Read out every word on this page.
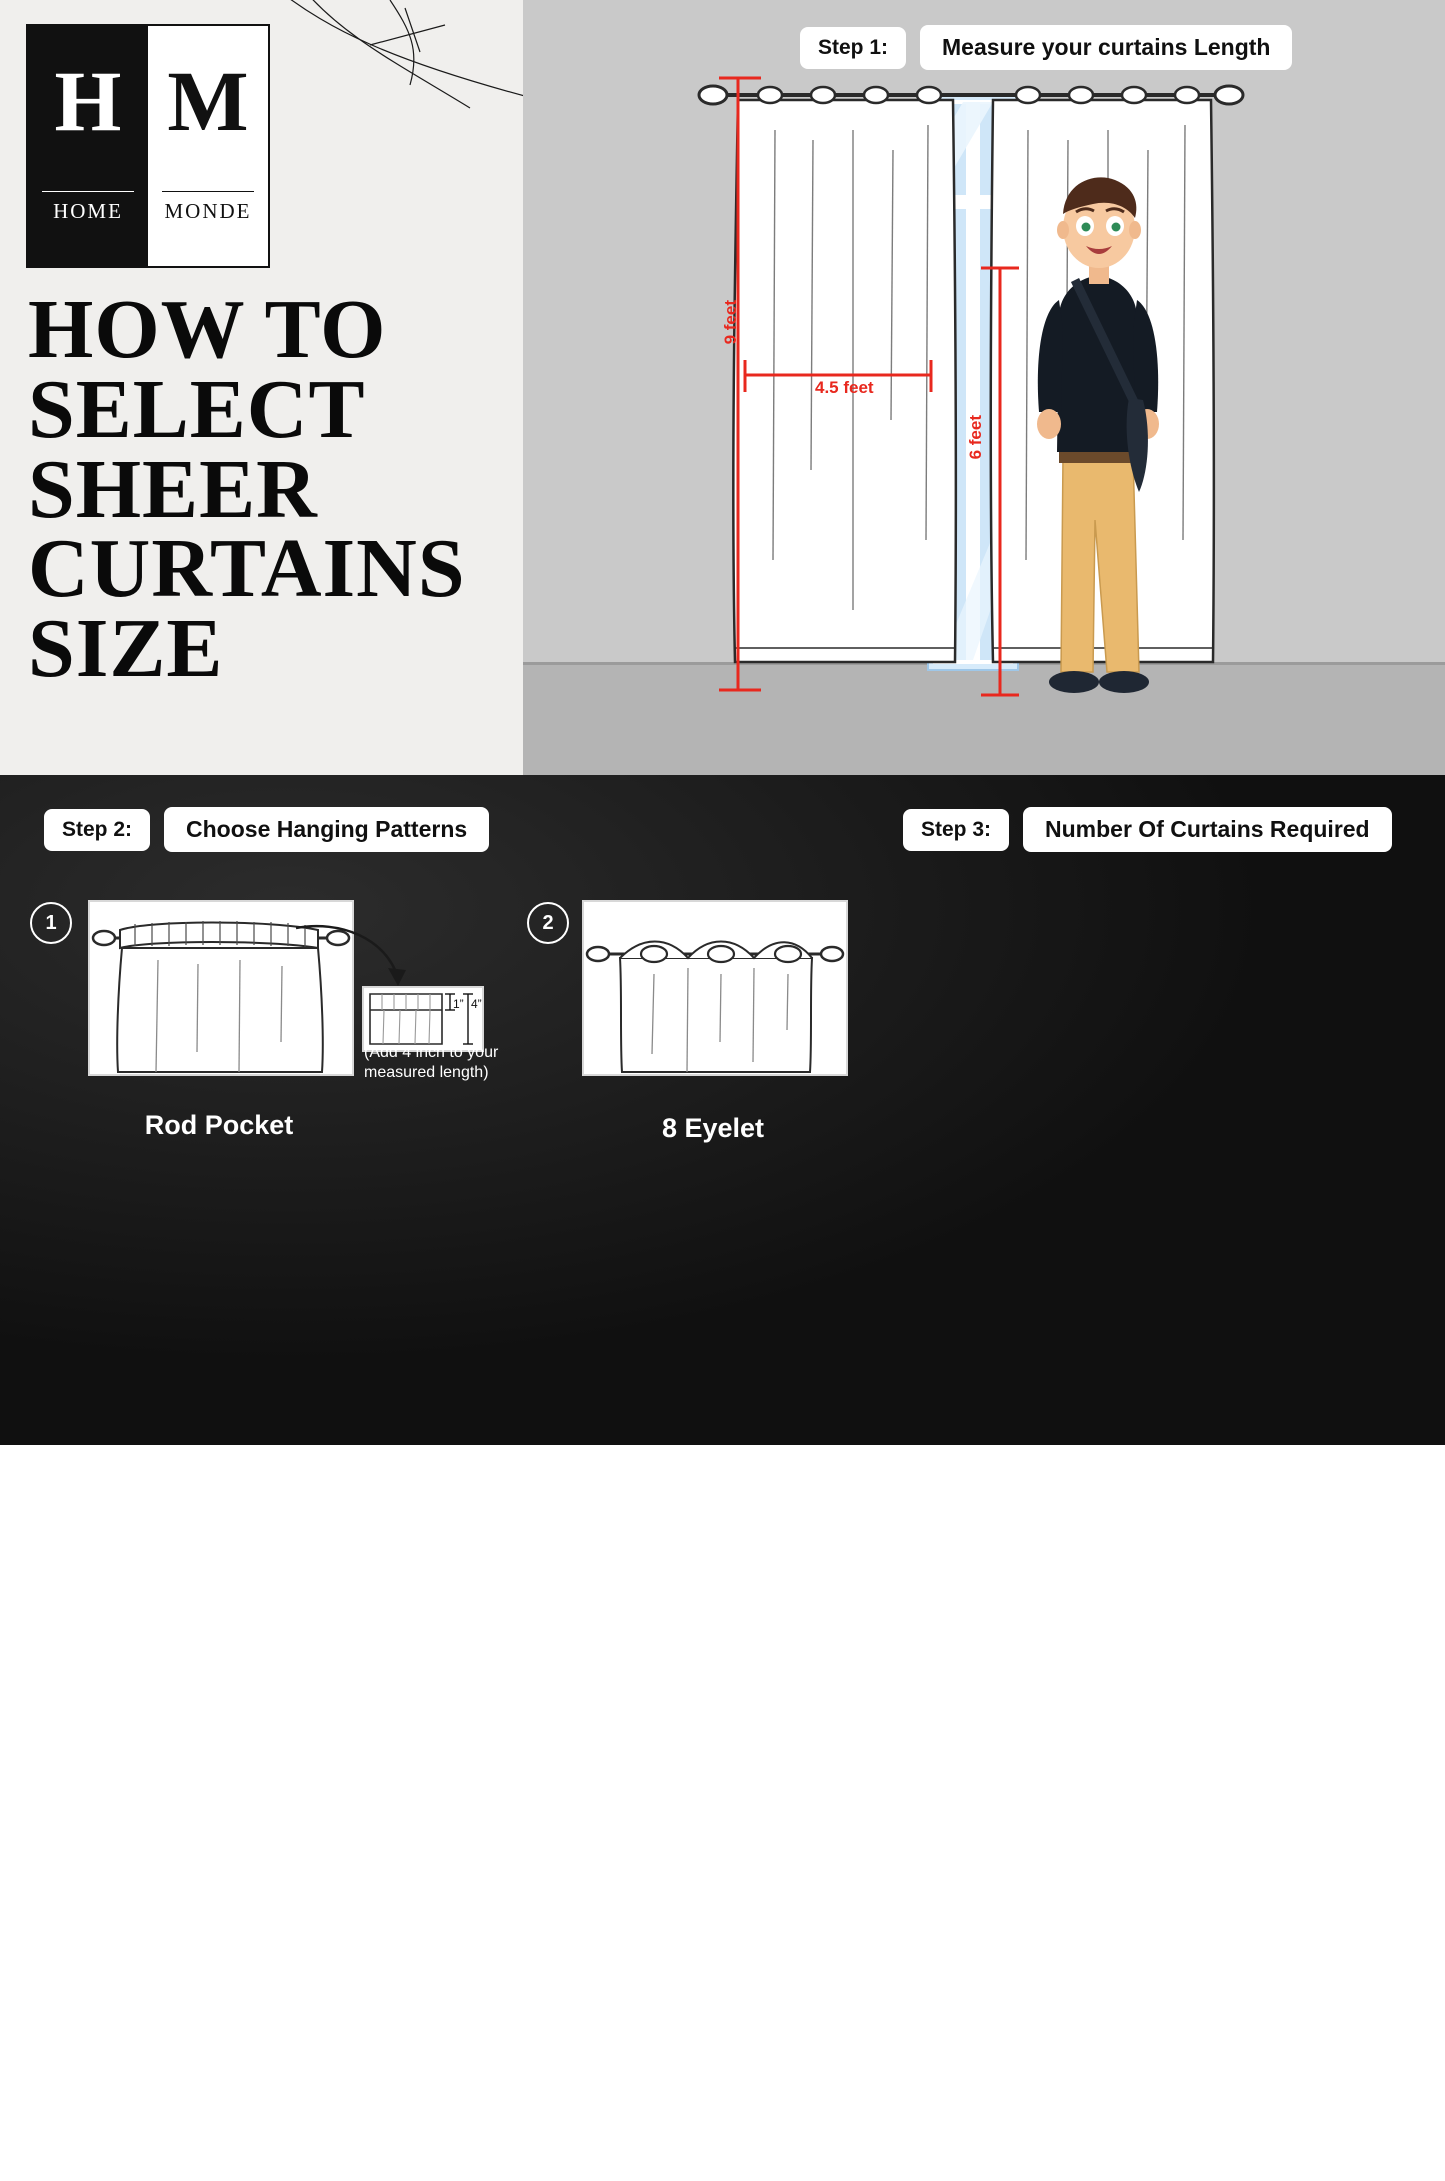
H
HOME
M
MONDE
HOW TO
SELECT
SHEER
CURTAINS
SIZE
Step 1:	Measure your curtains Length
9 feet
4.5 feet
6 feet
Step 2:	Choose Hanging Patterns	Step 3:	Number Of Curtains Required
1
1” 4”
(Add 4 inch to your
measured length)
Rod Pocket
2
8 Eyelet
Window/Door width	No of Panels Required
< 42”	1 pc ( pack of1)
42” - 84”	2 pc ( pack of 2)
Weight Category	Product Type	Fabric Weight (Approx.)	Opacity Level
Ultra-Light	Sheer	125 - 150 GSM	Transparent
Medium-Heavy	Duck	180 - 210 GSM	Semi-Transparent
Heavy-Duty	Polyester	220 GSM & above	Opaque
